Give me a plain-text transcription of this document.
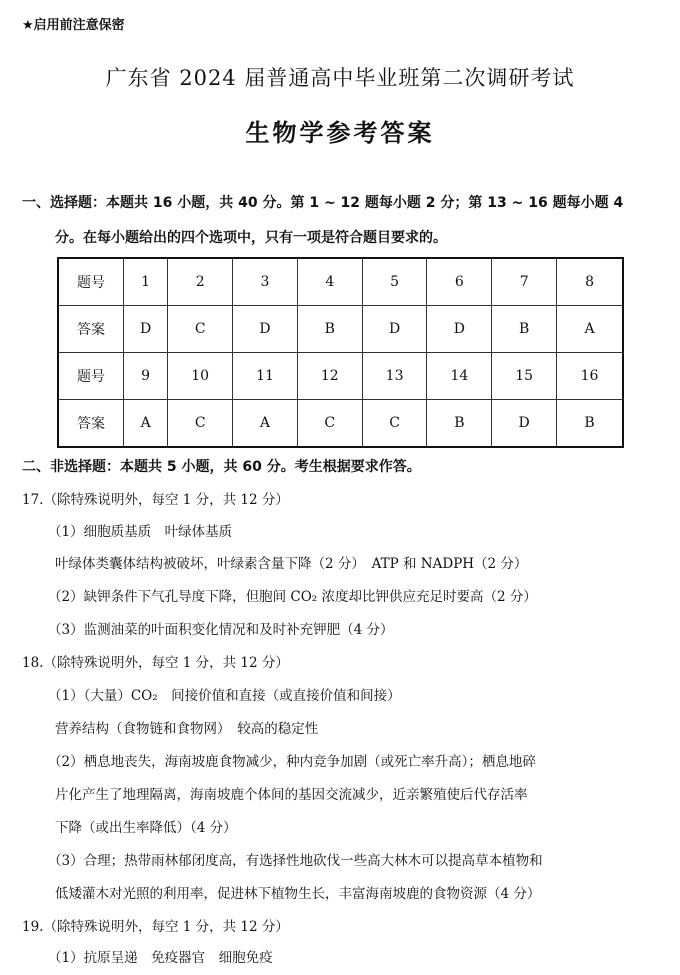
★启用前注意保密
广东省 2024 届普通高中毕业班第二次调研考试
生物学参考答案
一、选择题：本题共 16 小题，共 40 分。第 1 ~ 12 题每小题 2 分；第 13 ~ 16 题每小题 4
分。在每小题给出的四个选项中，只有一项是符合题目要求的。
题号	1	2	3	4	5	6	7	8
答案	D	C	D	B	D	D	B	A
题号	9	10	11	12	13	14	15	16
答案	A	C	A	C	C	B	D	B
二、非选择题：本题共 5 小题，共 60 分。考生根据要求作答。
17.（除特殊说明外，每空 1 分，共 12 分）
（1）细胞质基质　叶绿体基质
叶绿体类囊体结构被破坏，叶绿素含量下降（2 分）　ATP 和 NADPH（2 分）
（2）缺钾条件下气孔导度下降，但胞间 CO₂ 浓度却比钾供应充足时要高（2 分）
（3）监测油菜的叶面积变化情况和及时补充钾肥（4 分）
18.（除特殊说明外，每空 1 分，共 12 分）
（1）（大量）CO₂　间接价值和直接（或直接价值和间接）
营养结构（食物链和食物网）　较高的稳定性
（2）栖息地丧失，海南坡鹿食物减少，种内竞争加剧（或死亡率升高）；栖息地碎
片化产生了地理隔离，海南坡鹿个体间的基因交流减少，近亲繁殖使后代存活率
下降（或出生率降低）（4 分）
（3）合理；热带雨林郁闭度高，有选择性地砍伐一些高大林木可以提高草本植物和
低矮灌木对光照的利用率，促进林下植物生长，丰富海南坡鹿的食物资源（4 分）
19.（除特殊说明外，每空 1 分，共 12 分）
（1）抗原呈递　免疫器官　细胞免疫
